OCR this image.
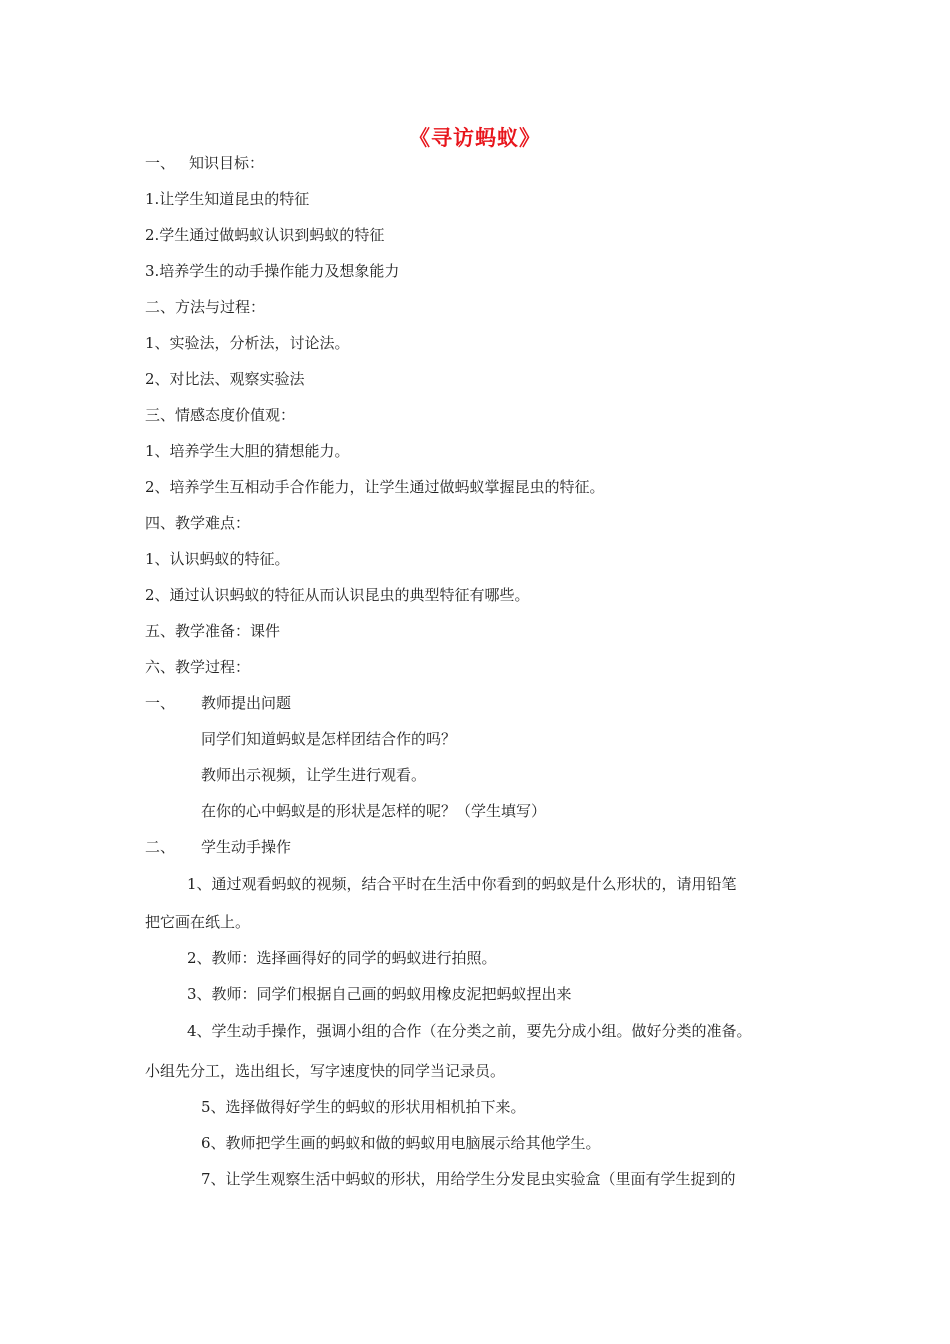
《寻访蚂蚁》
一、 知识目标：
1.让学生知道昆虫的特征
2.学生通过做蚂蚁认识到蚂蚁的特征
3.培养学生的动手操作能力及想象能力
二、方法与过程：
1、实验法，分析法，讨论法。
2、对比法、观察实验法
三、情感态度价值观：
1、培养学生大胆的猜想能力。
2、培养学生互相动手合作能力，让学生通过做蚂蚁掌握昆虫的特征。
四、教学难点：
1、认识蚂蚁的特征。
2、通过认识蚂蚁的特征从而认识昆虫的典型特征有哪些。
五、教学准备：课件
六、教学过程：
一、 教师提出问题
同学们知道蚂蚁是怎样团结合作的吗？
教师出示视频，让学生进行观看。
在你的心中蚂蚁是的形状是怎样的呢？（学生填写）
二、 学生动手操作
1、通过观看蚂蚁的视频，结合平时在生活中你看到的蚂蚁是什么形状的，请用铅笔
把它画在纸上。
2、教师：选择画得好的同学的蚂蚁进行拍照。
3、教师：同学们根据自己画的蚂蚁用橡皮泥把蚂蚁捏出来
4、学生动手操作，强调小组的合作（在分类之前，要先分成小组。做好分类的准备。
小组先分工，选出组长，写字速度快的同学当记录员。
5、选择做得好学生的蚂蚁的形状用相机拍下来。
6、教师把学生画的蚂蚁和做的蚂蚁用电脑展示给其他学生。
7、让学生观察生活中蚂蚁的形状，用给学生分发昆虫实验盒（里面有学生捉到的
